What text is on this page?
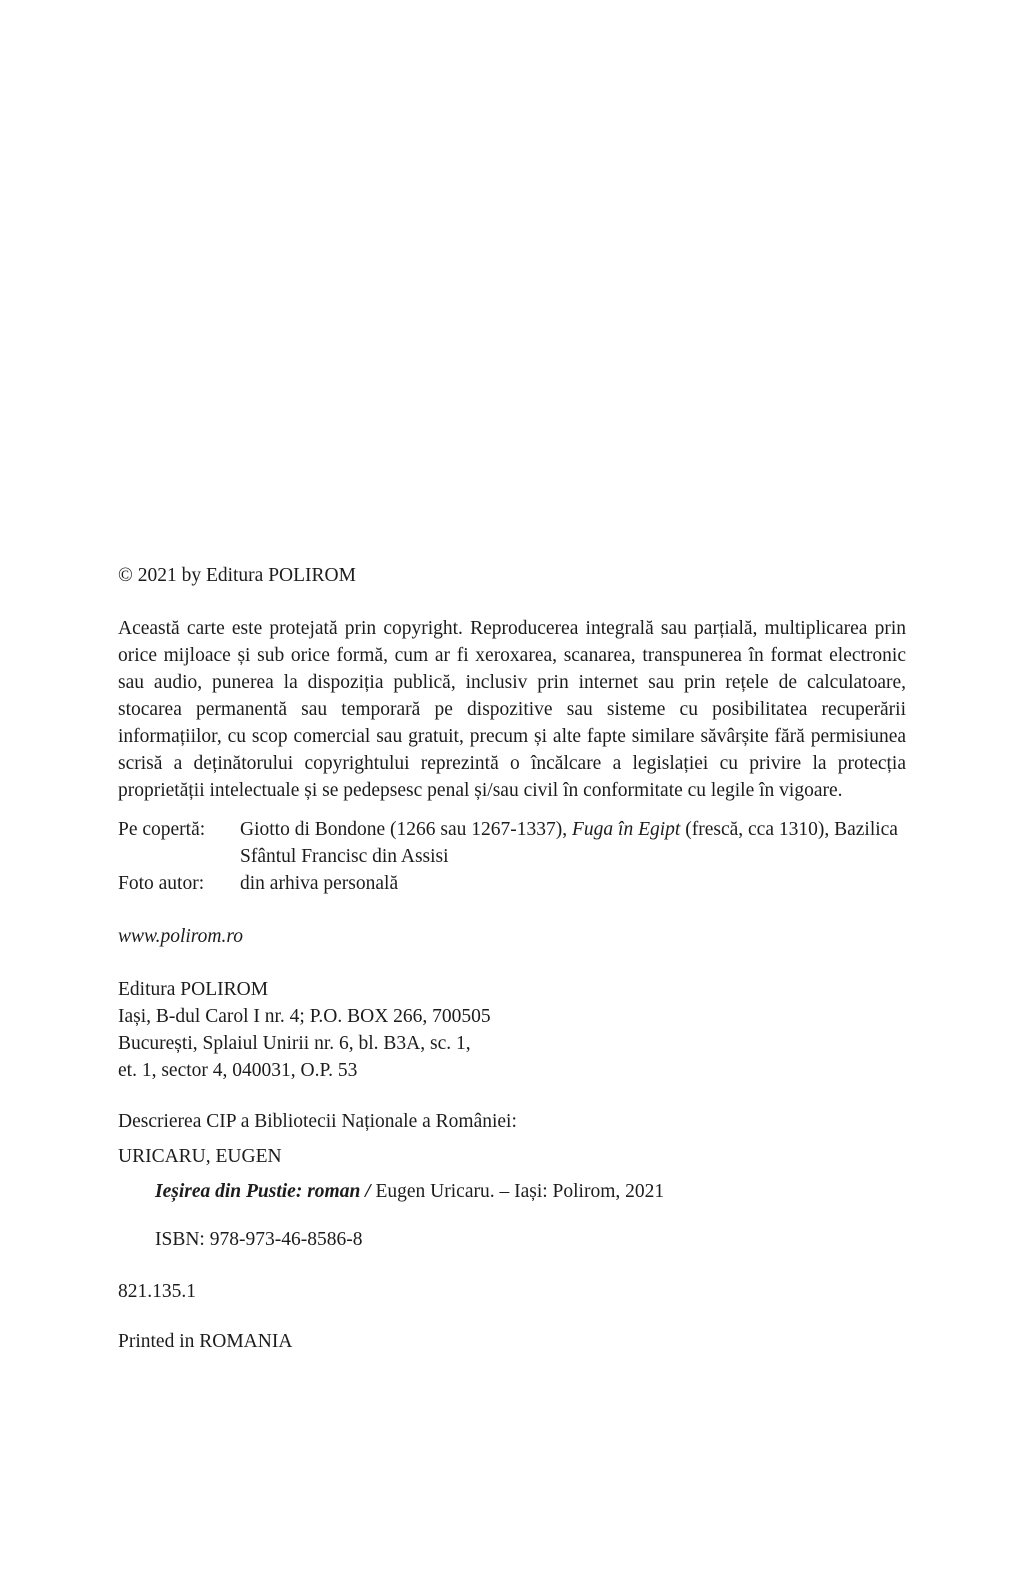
© 2021 by Editura POLIROM

Această carte este protejată prin copyright. Reproducerea integrală sau parțială, multiplicarea prin orice mijloace și sub orice formă, cum ar fi xeroxarea, scanarea, transpunerea în format electronic sau audio, punerea la dispoziția publică, inclusiv prin internet sau prin rețele de calculatoare, stocarea permanentă sau temporară pe dispozitive sau sisteme cu posibilitatea recuperării informațiilor, cu scop comercial sau gratuit, precum și alte fapte similare săvârșite fără permisiunea scrisă a deținătorului copyrightului reprezintă o încălcare a legislației cu privire la protecția proprietății intelectuale și se pedepsesc penal și/sau civil în conformitate cu legile în vigoare.

Pe copertă:	Giotto di Bondone (1266 sau 1267-1337), Fuga în Egipt (frescă, cca 1310), Bazilica Sfântul Francisc din Assisi
Foto autor:	din arhiva personală

www.polirom.ro

Editura POLIROM

Iași, B-dul Carol I nr. 4; P.O. BOX 266, 700505

București, Splaiul Unirii nr. 6, bl. B3A, sc. 1,

et. 1, sector 4, 040031, O.P. 53

Descrierea CIP a Bibliotecii Naționale a României:

URICARU, EUGEN

Ieșirea din Pustie: roman / Eugen Uricaru. – Iași: Polirom, 2021

ISBN: 978-973-46-8586-8

821.135.1

Printed in ROMANIA
